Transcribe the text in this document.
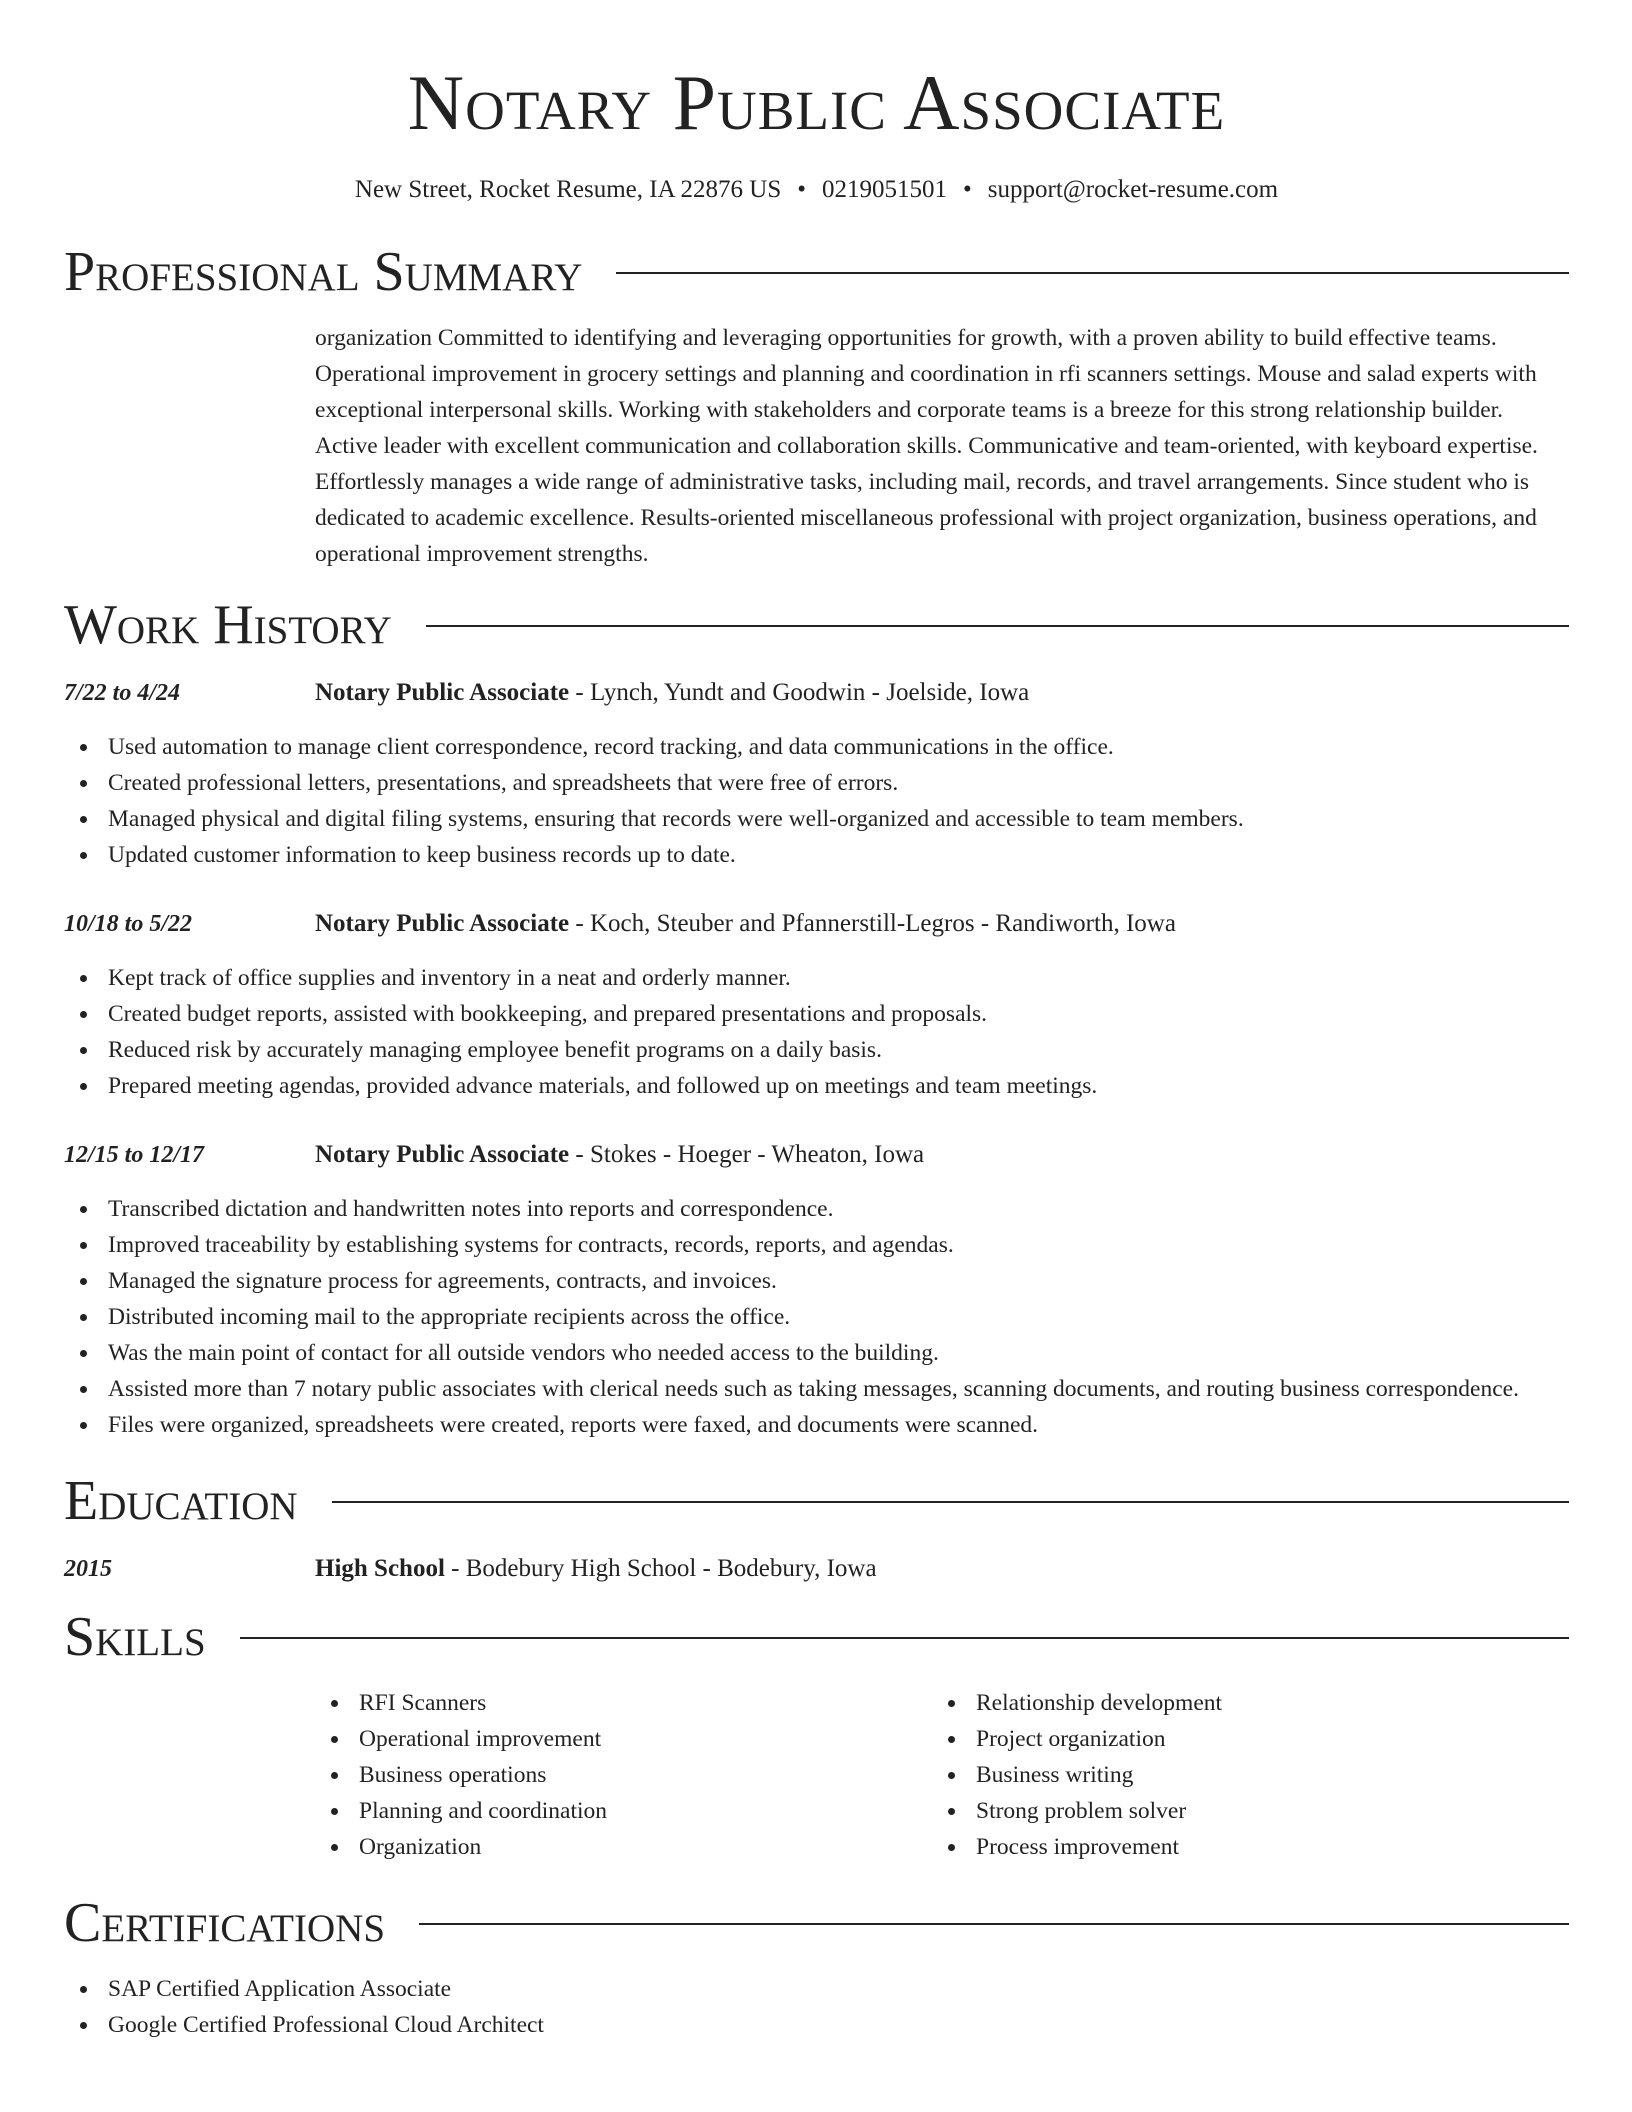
Notary Public Associate
New Street, Rocket Resume, IA 22876 US • 0219051501 • support@rocket-resume.com
Professional Summary
organization Committed to identifying and leveraging opportunities for growth, with a proven ability to build effective teams. Operational improvement in grocery settings and planning and coordination in rfi scanners settings. Mouse and salad experts with exceptional interpersonal skills. Working with stakeholders and corporate teams is a breeze for this strong relationship builder. Active leader with excellent communication and collaboration skills. Communicative and team-oriented, with keyboard expertise. Effortlessly manages a wide range of administrative tasks, including mail, records, and travel arrangements. Since student who is dedicated to academic excellence. Results-oriented miscellaneous professional with project organization, business operations, and operational improvement strengths.
Work History
7/22 to 4/24	Notary Public Associate - Lynch, Yundt and Goodwin - Joelside, Iowa
Used automation to manage client correspondence, record tracking, and data communications in the office.
Created professional letters, presentations, and spreadsheets that were free of errors.
Managed physical and digital filing systems, ensuring that records were well-organized and accessible to team members.
Updated customer information to keep business records up to date.
10/18 to 5/22	Notary Public Associate - Koch, Steuber and Pfannerstill-Legros - Randiworth, Iowa
Kept track of office supplies and inventory in a neat and orderly manner.
Created budget reports, assisted with bookkeeping, and prepared presentations and proposals.
Reduced risk by accurately managing employee benefit programs on a daily basis.
Prepared meeting agendas, provided advance materials, and followed up on meetings and team meetings.
12/15 to 12/17	Notary Public Associate - Stokes - Hoeger - Wheaton, Iowa
Transcribed dictation and handwritten notes into reports and correspondence.
Improved traceability by establishing systems for contracts, records, reports, and agendas.
Managed the signature process for agreements, contracts, and invoices.
Distributed incoming mail to the appropriate recipients across the office.
Was the main point of contact for all outside vendors who needed access to the building.
Assisted more than 7 notary public associates with clerical needs such as taking messages, scanning documents, and routing business correspondence.
Files were organized, spreadsheets were created, reports were faxed, and documents were scanned.
Education
2015	High School - Bodebury High School - Bodebury, Iowa
Skills
RFI Scanners
Operational improvement
Business operations
Planning and coordination
Organization
Relationship development
Project organization
Business writing
Strong problem solver
Process improvement
Certifications
SAP Certified Application Associate
Google Certified Professional Cloud Architect
